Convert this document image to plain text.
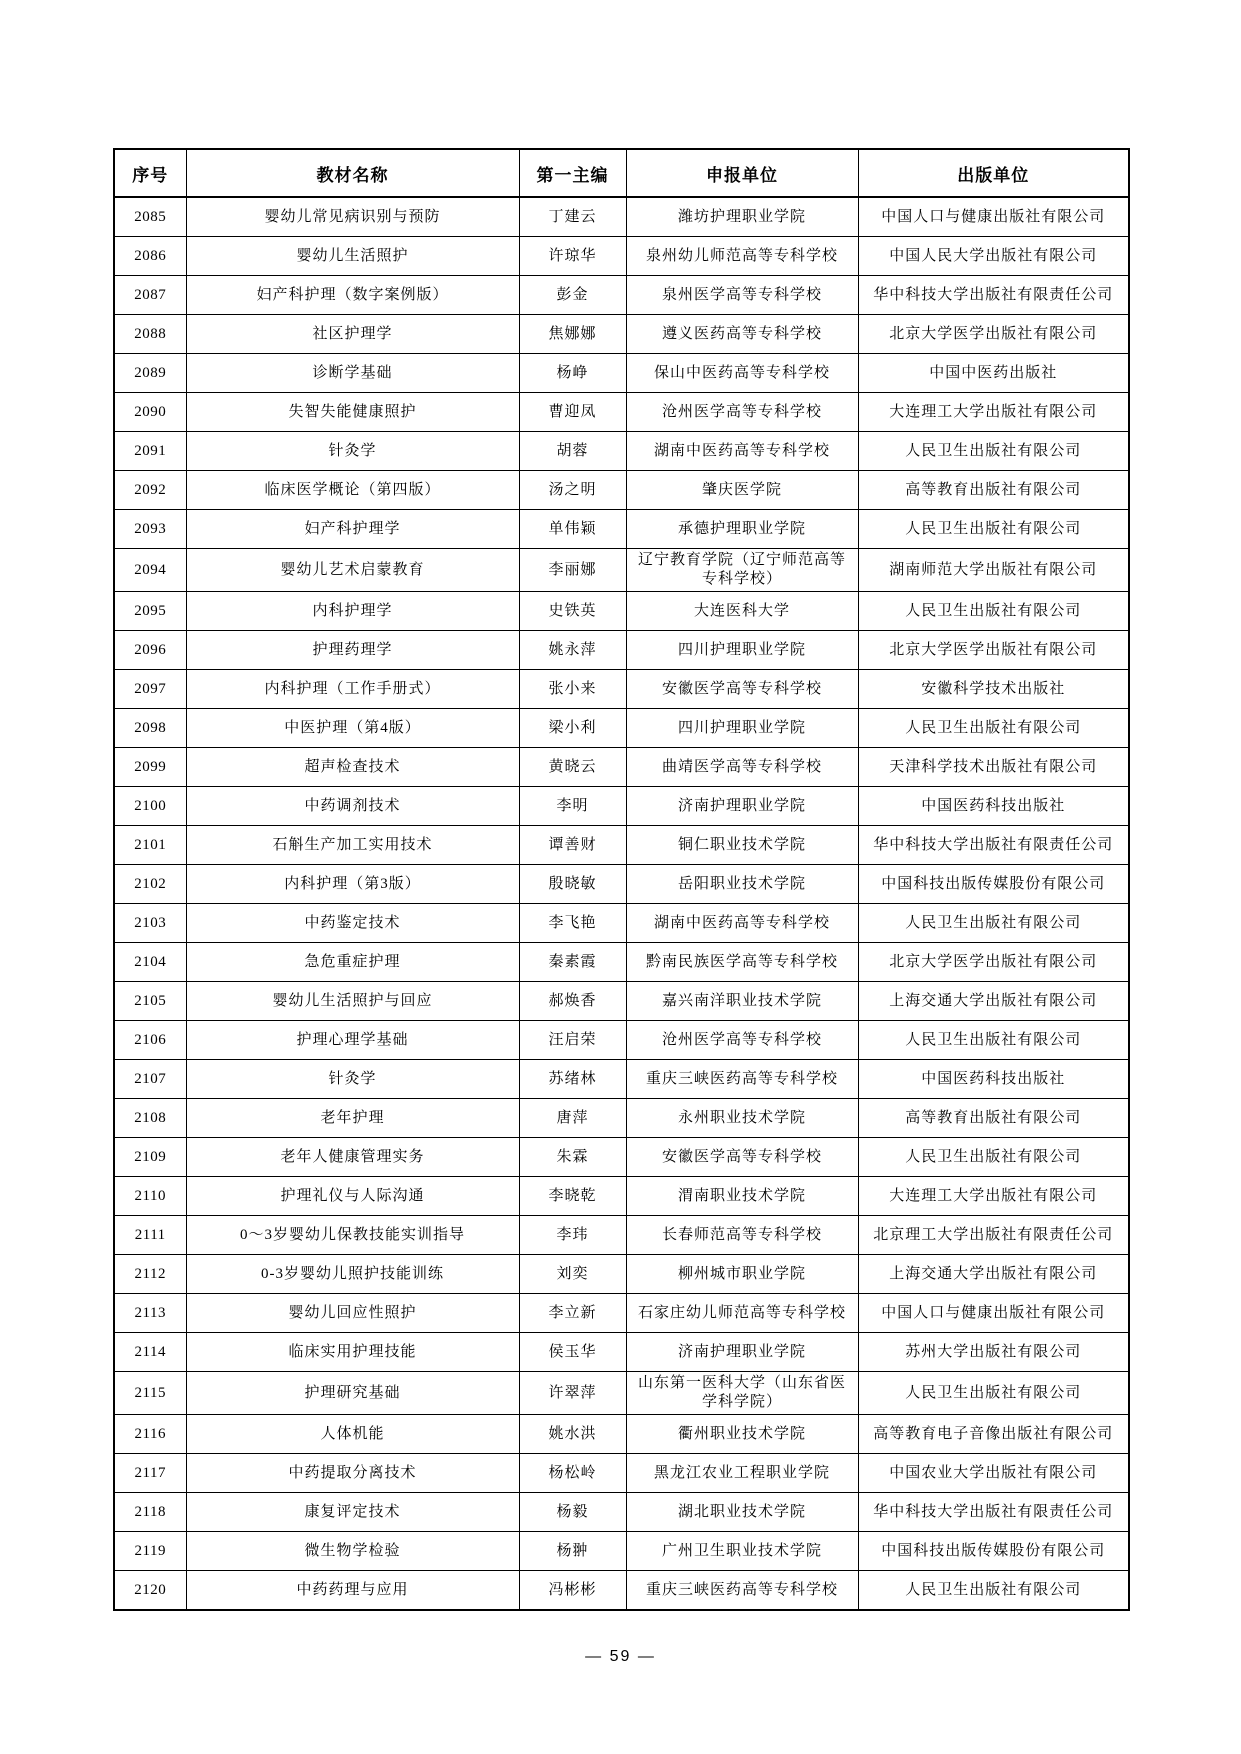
序号	教材名称	第一主编	申报单位	出版单位
2085	婴幼儿常见病识别与预防	丁建云	潍坊护理职业学院	中国人口与健康出版社有限公司
2086	婴幼儿生活照护	许琼华	泉州幼儿师范高等专科学校	中国人民大学出版社有限公司
2087	妇产科护理（数字案例版）	彭金	泉州医学高等专科学校	华中科技大学出版社有限责任公司
2088	社区护理学	焦娜娜	遵义医药高等专科学校	北京大学医学出版社有限公司
2089	诊断学基础	杨峥	保山中医药高等专科学校	中国中医药出版社
2090	失智失能健康照护	曹迎凤	沧州医学高等专科学校	大连理工大学出版社有限公司
2091	针灸学	胡蓉	湖南中医药高等专科学校	人民卫生出版社有限公司
2092	临床医学概论（第四版）	汤之明	肇庆医学院	高等教育出版社有限公司
2093	妇产科护理学	单伟颖	承德护理职业学院	人民卫生出版社有限公司
2094	婴幼儿艺术启蒙教育	李丽娜	辽宁教育学院（辽宁师范高等专科学校）	湖南师范大学出版社有限公司
2095	内科护理学	史铁英	大连医科大学	人民卫生出版社有限公司
2096	护理药理学	姚永萍	四川护理职业学院	北京大学医学出版社有限公司
2097	内科护理（工作手册式）	张小来	安徽医学高等专科学校	安徽科学技术出版社
2098	中医护理（第4版）	梁小利	四川护理职业学院	人民卫生出版社有限公司
2099	超声检查技术	黄晓云	曲靖医学高等专科学校	天津科学技术出版社有限公司
2100	中药调剂技术	李明	济南护理职业学院	中国医药科技出版社
2101	石斛生产加工实用技术	谭善财	铜仁职业技术学院	华中科技大学出版社有限责任公司
2102	内科护理（第3版）	殷晓敏	岳阳职业技术学院	中国科技出版传媒股份有限公司
2103	中药鉴定技术	李飞艳	湖南中医药高等专科学校	人民卫生出版社有限公司
2104	急危重症护理	秦素霞	黔南民族医学高等专科学校	北京大学医学出版社有限公司
2105	婴幼儿生活照护与回应	郝焕香	嘉兴南洋职业技术学院	上海交通大学出版社有限公司
2106	护理心理学基础	汪启荣	沧州医学高等专科学校	人民卫生出版社有限公司
2107	针灸学	苏绪林	重庆三峡医药高等专科学校	中国医药科技出版社
2108	老年护理	唐萍	永州职业技术学院	高等教育出版社有限公司
2109	老年人健康管理实务	朱霖	安徽医学高等专科学校	人民卫生出版社有限公司
2110	护理礼仪与人际沟通	李晓乾	渭南职业技术学院	大连理工大学出版社有限公司
2111	0～3岁婴幼儿保教技能实训指导	李玮	长春师范高等专科学校	北京理工大学出版社有限责任公司
2112	0-3岁婴幼儿照护技能训练	刘奕	柳州城市职业学院	上海交通大学出版社有限公司
2113	婴幼儿回应性照护	李立新	石家庄幼儿师范高等专科学校	中国人口与健康出版社有限公司
2114	临床实用护理技能	侯玉华	济南护理职业学院	苏州大学出版社有限公司
2115	护理研究基础	许翠萍	山东第一医科大学（山东省医学科学院）	人民卫生出版社有限公司
2116	人体机能	姚水洪	衢州职业技术学院	高等教育电子音像出版社有限公司
2117	中药提取分离技术	杨松岭	黑龙江农业工程职业学院	中国农业大学出版社有限公司
2118	康复评定技术	杨毅	湖北职业技术学院	华中科技大学出版社有限责任公司
2119	微生物学检验	杨翀	广州卫生职业技术学院	中国科技出版传媒股份有限公司
2120	中药药理与应用	冯彬彬	重庆三峡医药高等专科学校	人民卫生出版社有限公司
— 59 —
